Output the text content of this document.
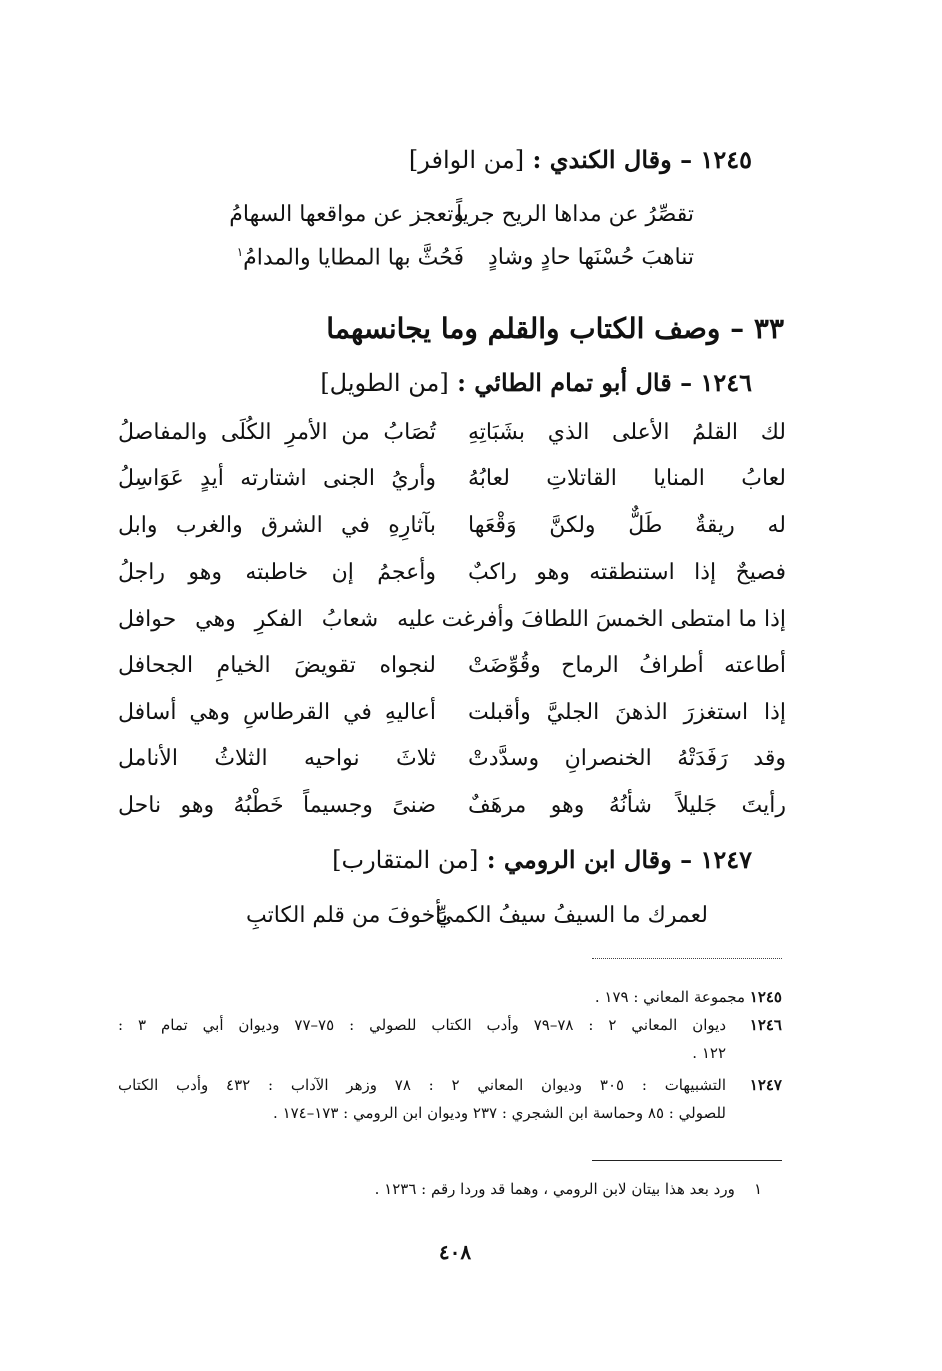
١٢٤٥ – وقال الكندي : [من الوافر]
تقصِّرُ عن مداها الريح جرياً
وتعجز عن مواقعها السهامُ
تناهبَ حُسْنَها حادٍ وشادٍ
فَحُثَّ بها المطايا والمدامُ$^١$
٣٣ – وصف الكتاب والقلم وما يجانسهما
١٢٤٦ – قال أبو تمام الطائي : [من الطويل]
لك القلمُ الأعلى الذي بشَبَاتِهِ
تُصَابُ من الأمرِ الكُلَى والمفاصلُ
لعابُ المنايا القاتلاتِ لعابُهُ
وأريُ الجنى اشتارته أيدٍ عَوَاسِلُ
له ريقةٌ طَلٌّ ولكنَّ وَقْعَها
بآثارِهِ في الشرق والغرب وابل
فصيحٌ إذا استنطقته وهو راكبٌ
وأعجمُ إن خاطبته وهو راجلُ
إذا ما امتطى الخمسَ اللطافَ وأفرغت
عليه شعابُ الفكرِ وهي حوافل
أطاعته أطرافُ الرماح وقُوِّضَتْ
لنجواه تقويضَ الخيامِ الجحافل
إذا استغزرَ الذهنَ الجليَّ وأقبلت
أعاليهِ في القرطاسِ وهي أسافل
وقد رَفَدَتْهُ الخنصرانِ وسدَّدتْ
ثلاثَ نواحيه الثلاثُ الأنامل
رأيتَ جَليلاً شأنُهُ وهو مرهَفٌ
ضنىً وجسيماً خَطْبُهُ وهو ناحل
١٢٤٧ – وقال ابن الرومي : [من المتقارب]
لعمرك ما السيفُ سيفُ الكميِّ
بأخوفَ من قلم الكاتبِ
١٢٤٥ مجموعة المعاني : ١٧٩ .
١٢٤٦
ديوان المعاني ٢ : ٧٨–٧٩ وأدب الكتاب للصولي : ٧٥–٧٧ وديوان أبي تمام ٣ :
١٢٢ .
١٢٤٧
التشبيهات : ٣٠٥ وديوان المعاني ٢ : ٧٨ وزهر الآداب : ٤٣٢ وأدب الكتاب
للصولي : ٨٥ وحماسة ابن الشجري : ٢٣٧ وديوان ابن الرومي : ١٧٣–١٧٤ .
١    ورد بعد هذا بيتان لابن الرومي ، وهما قد وردا رقم : ١٢٣٦ .
٤٠٨
